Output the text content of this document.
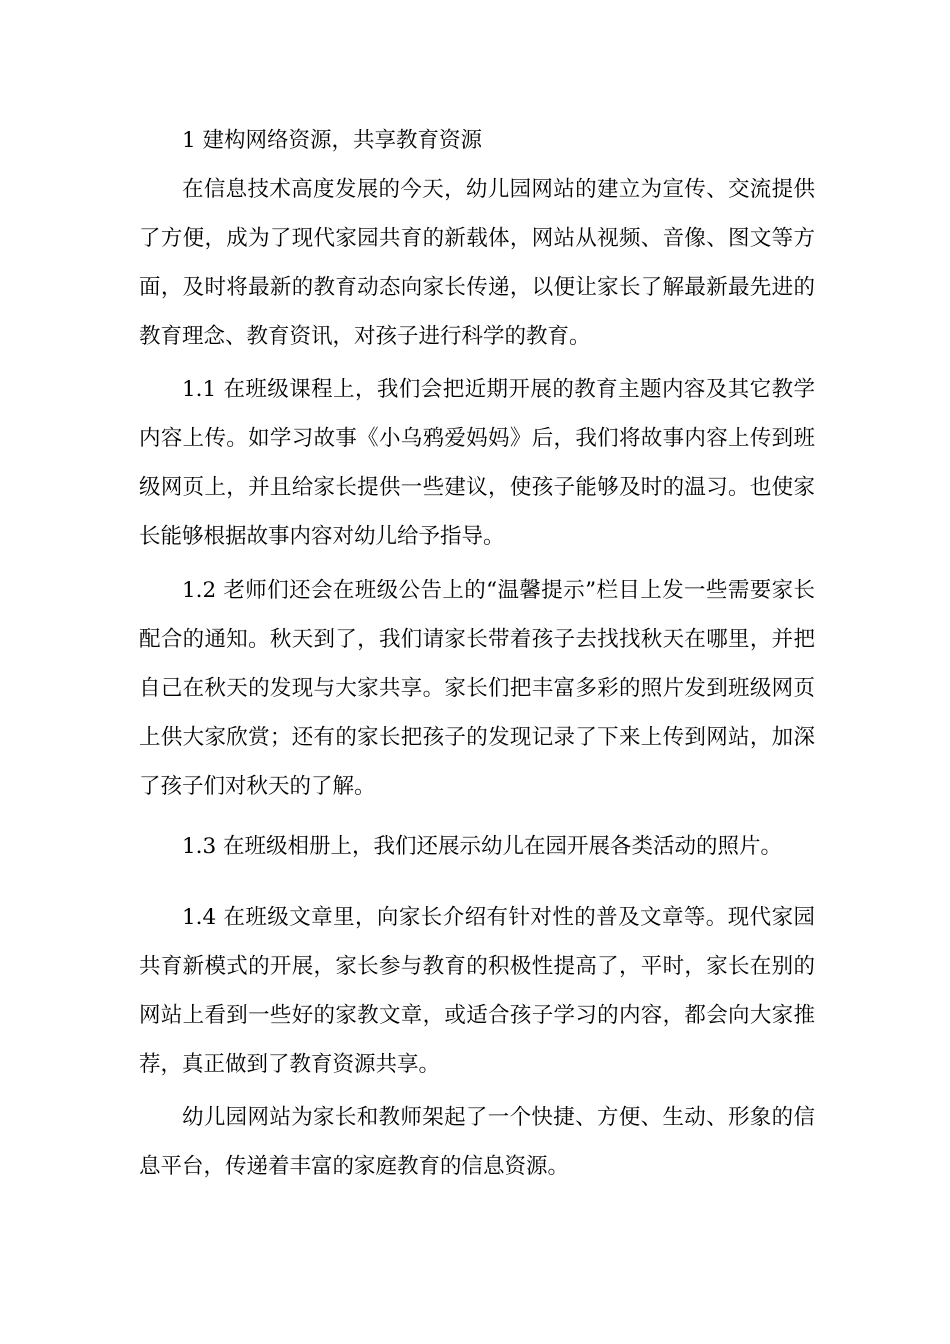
1 建构网络资源，共享教育资源

在信息技术高度发展的今天，幼儿园网站的建立为宣传、交流提供了方便，成为了现代家园共育的新载体，网站从视频、音像、图文等方面，及时将最新的教育动态向家长传递，以便让家长了解最新最先进的教育理念、教育资讯，对孩子进行科学的教育。

1.1 在班级课程上，我们会把近期开展的教育主题内容及其它教学内容上传。如学习故事《小乌鸦爱妈妈》后，我们将故事内容上传到班级网页上，并且给家长提供一些建议，使孩子能够及时的温习。也使家长能够根据故事内容对幼儿给予指导。

1.2 老师们还会在班级公告上的“温馨提示”栏目上发一些需要家长配合的通知。秋天到了，我们请家长带着孩子去找找秋天在哪里，并把自己在秋天的发现与大家共享。家长们把丰富多彩的照片发到班级网页上供大家欣赏；还有的家长把孩子的发现记录了下来上传到网站，加深了孩子们对秋天的了解。

1.3 在班级相册上，我们还展示幼儿在园开展各类活动的照片。

1.4 在班级文章里，向家长介绍有针对性的普及文章等。现代家园共育新模式的开展，家长参与教育的积极性提高了，平时，家长在别的网站上看到一些好的家教文章，或适合孩子学习的内容，都会向大家推荐，真正做到了教育资源共享。

幼儿园网站为家长和教师架起了一个快捷、方便、生动、形象的信息平台，传递着丰富的家庭教育的信息资源。
